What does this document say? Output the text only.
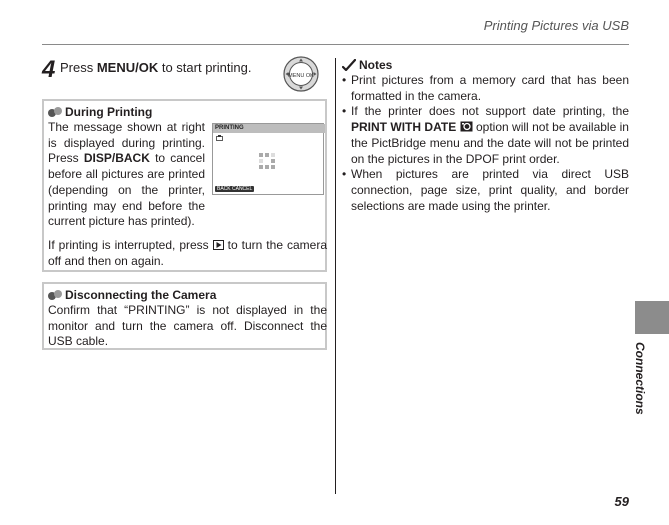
Printing Pictures via USB
4 Press MENU/OK to start printing.
MENU OK
During Printing
The message shown at right is displayed during printing. Press DISP/BACK to cancel before all pictures are printed (depending on the printer, printing may end before the current picture has printed).
PRINTING
BACK CANCEL
If printing is interrupted, press  to turn the camera off and then on again.
Disconnecting the Camera
Confirm that “PRINTING” is not displayed in the monitor and turn the camera off. Disconnect the USB cable.
Notes
• Print pictures from a memory card that has been formatted in the camera.
• If the printer does not support date printing, the PRINT WITH DATE  option will not be available in the PictBridge menu and the date will not be printed on the pictures in the DPOF print order.
• When pictures are printed via direct USB connection, page size, print quality, and border selections are made using the printer.
Connections
59
